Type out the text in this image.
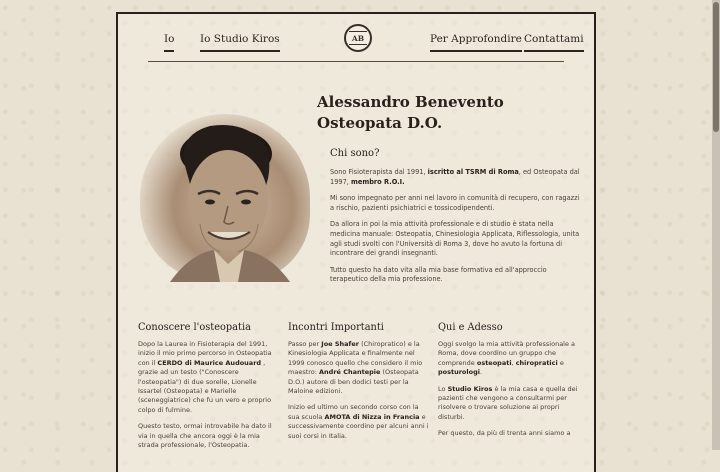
Io Io Studio Kiros	AB	Per Approfondire Contattami
Alessandro Benevento
Osteopata D.O.
Chi sono?

Sono Fisioterapista dal 1991, iscritto al TSRM di Roma, ed Osteopata dal 1997, membro R.O.I.

Mi sono impegnato per anni nel lavoro in comunità di recupero, con ragazzi a rischio, pazienti psichiatrici e tossicodipendenti.

Da allora in poi la mia attività professionale e di studio è stata nella medicina manuale: Osteopatia, Chinesiologia Applicata, Riflessologia, unita agli studi svolti con l'Università di Roma 3, dove ho avuto la fortuna di incontrare dei grandi insegnanti.

Tutto questo ha dato vita alla mia base formativa ed all'approccio terapeutico della mia professione.

Conoscere l'osteopatia

Dopo la Laurea in Fisioterapia del 1991, inizio il mio primo percorso in Osteopatia con il CERDO di Maurice Audouard , grazie ad un testo ("Conoscere l'osteopatia") di due sorelle, Lionelle Issartel (Osteopata) e Marielle (sceneggiatrice) che fu un vero e proprio colpo di fulmine.

Questo testo, ormai introvabile ha dato il via in quella che ancora oggi è la mia strada professionale, l'Osteopatia.

Incontri Importanti

Passo per Joe Shafer (Chiropratico) e la Kinesiologia Applicata e finalmente nel 1999 conosco quello che considero il mio maestro: André Chantepie (Osteopata D.O.) autore di ben dodici testi per la Maloine edizioni.

Inizio ed ultimo un secondo corso con la sua scuola AMOTA di Nizza in Francia e successivamente coordino per alcuni anni i suoi corsi in Italia.

Qui e Adesso

Oggi svolgo la mia attività professionale a Roma, dove coordino un gruppo che comprende osteopati, chiropratici e posturologi.

Lo Studio Kiros è la mia casa e quella dei pazienti che vengono a consultarmi per risolvere o trovare soluzione ai propri disturbi.

Per questo, da più di trenta anni siamo a
